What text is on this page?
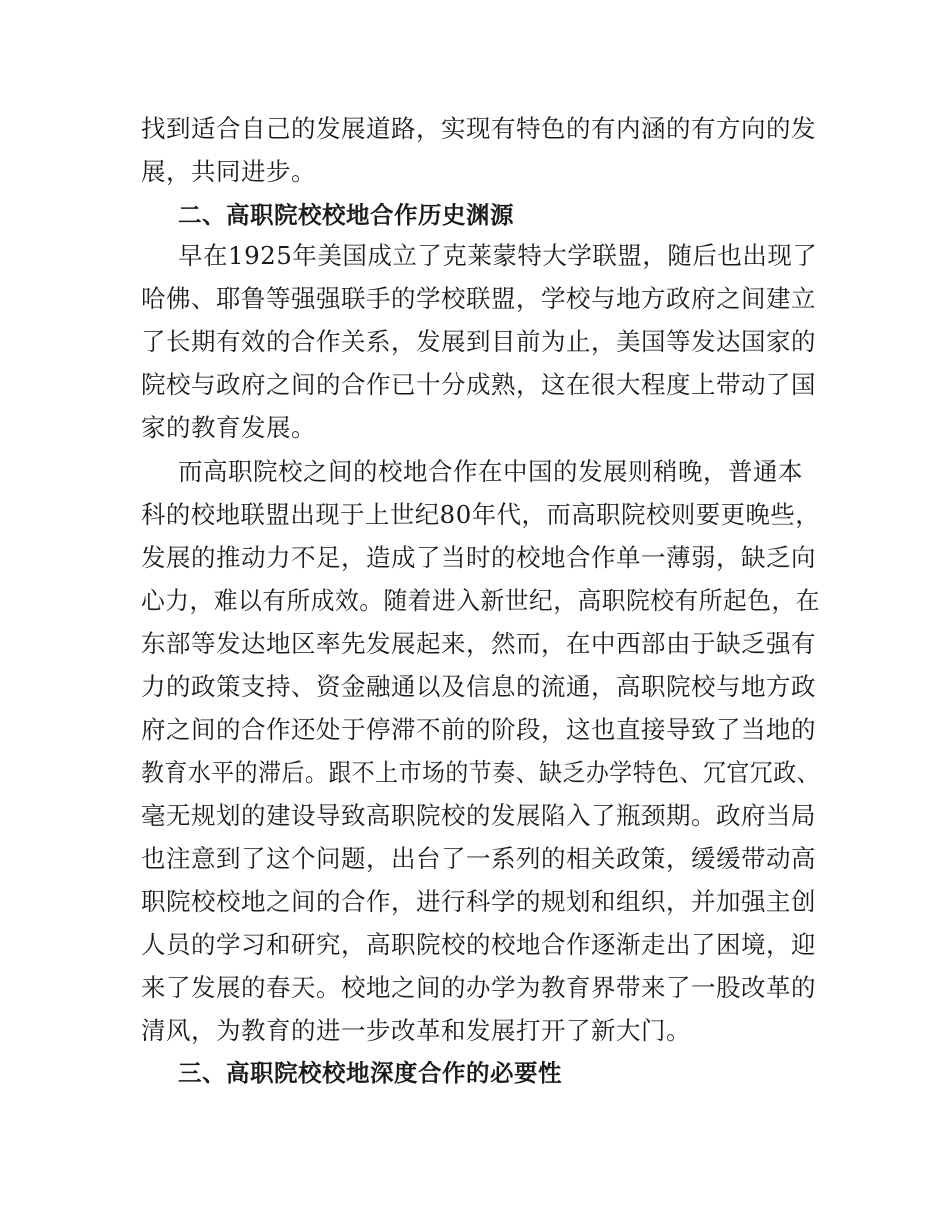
找到适合自己的发展道路，实现有特色的有内涵的有方向的发
展，共同进步。
二、高职院校校地合作历史渊源
早在1925年美国成立了克莱蒙特大学联盟，随后也出现了
哈佛、耶鲁等强强联手的学校联盟，学校与地方政府之间建立
了长期有效的合作关系，发展到目前为止，美国等发达国家的
院校与政府之间的合作已十分成熟，这在很大程度上带动了国
家的教育发展。
而高职院校之间的校地合作在中国的发展则稍晚，普通本
科的校地联盟出现于上世纪80年代，而高职院校则要更晚些，
发展的推动力不足，造成了当时的校地合作单一薄弱，缺乏向
心力，难以有所成效。随着进入新世纪，高职院校有所起色，在
东部等发达地区率先发展起来，然而，在中西部由于缺乏强有
力的政策支持、资金融通以及信息的流通，高职院校与地方政
府之间的合作还处于停滞不前的阶段，这也直接导致了当地的
教育水平的滞后。跟不上市场的节奏、缺乏办学特色、冗官冗政、
毫无规划的建设导致高职院校的发展陷入了瓶颈期。政府当局
也注意到了这个问题，出台了一系列的相关政策，缓缓带动高
职院校校地之间的合作，进行科学的规划和组织，并加强主创
人员的学习和研究，高职院校的校地合作逐渐走出了困境，迎
来了发展的春天。校地之间的办学为教育界带来了一股改革的
清风，为教育的进一步改革和发展打开了新大门。
三、高职院校校地深度合作的必要性
